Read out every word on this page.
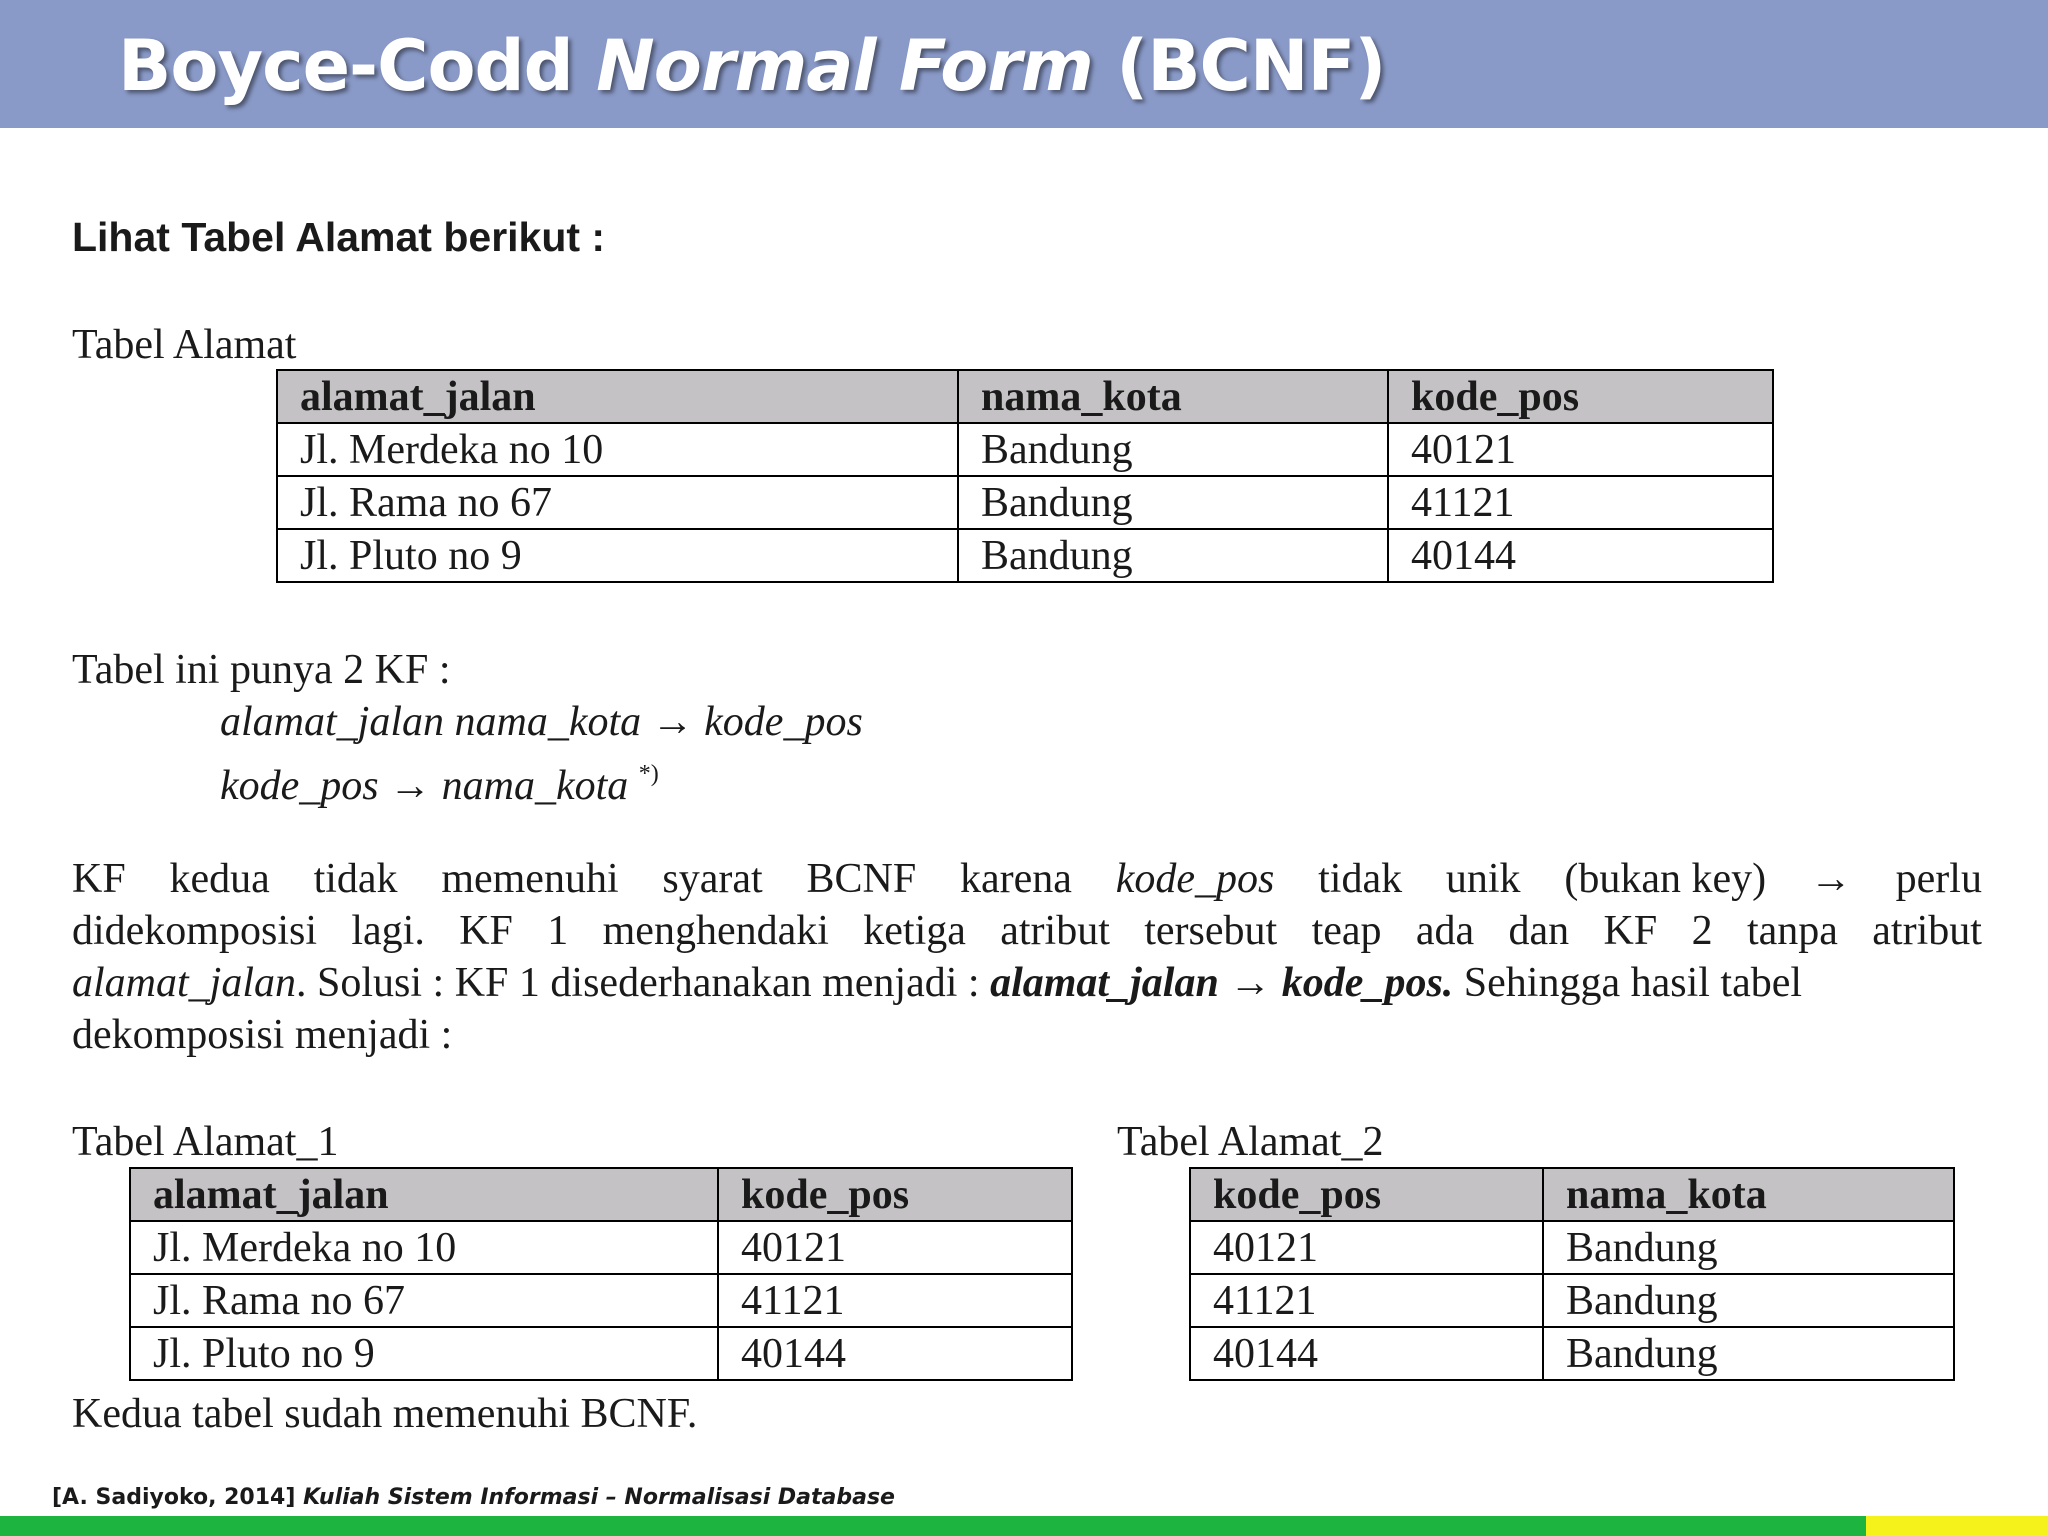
Boyce-Codd Normal Form (BCNF)
Lihat Tabel Alamat berikut :
Tabel Alamat
alamat_jalan	nama_kota	kode_pos
Jl. Merdeka no 10	Bandung	40121
Jl. Rama no 67	Bandung	41121
Jl. Pluto no 9	Bandung	40144
Tabel ini punya 2 KF :
alamat_jalan nama_kota → kode_pos
kode_pos → nama_kota *)
KF kedua tidak memenuhi syarat BCNF karena kode_pos tidak unik (bukan key) → perlu
didekomposisi lagi. KF 1 menghendaki ketiga atribut tersebut teap ada dan KF 2 tanpa atribut
alamat_jalan. Solusi : KF 1 disederhanakan menjadi : alamat_jalan → kode_pos. Sehingga hasil tabel
dekomposisi menjadi :
Tabel Alamat_1
alamat_jalan	kode_pos
Jl. Merdeka no 10	40121
Jl. Rama no 67	41121
Jl. Pluto no 9	40144
Tabel Alamat_2
kode_pos	nama_kota
40121	Bandung
41121	Bandung
40144	Bandung
Kedua tabel sudah memenuhi BCNF.
[A. Sadiyoko, 2014] Kuliah Sistem Informasi – Normalisasi Database
